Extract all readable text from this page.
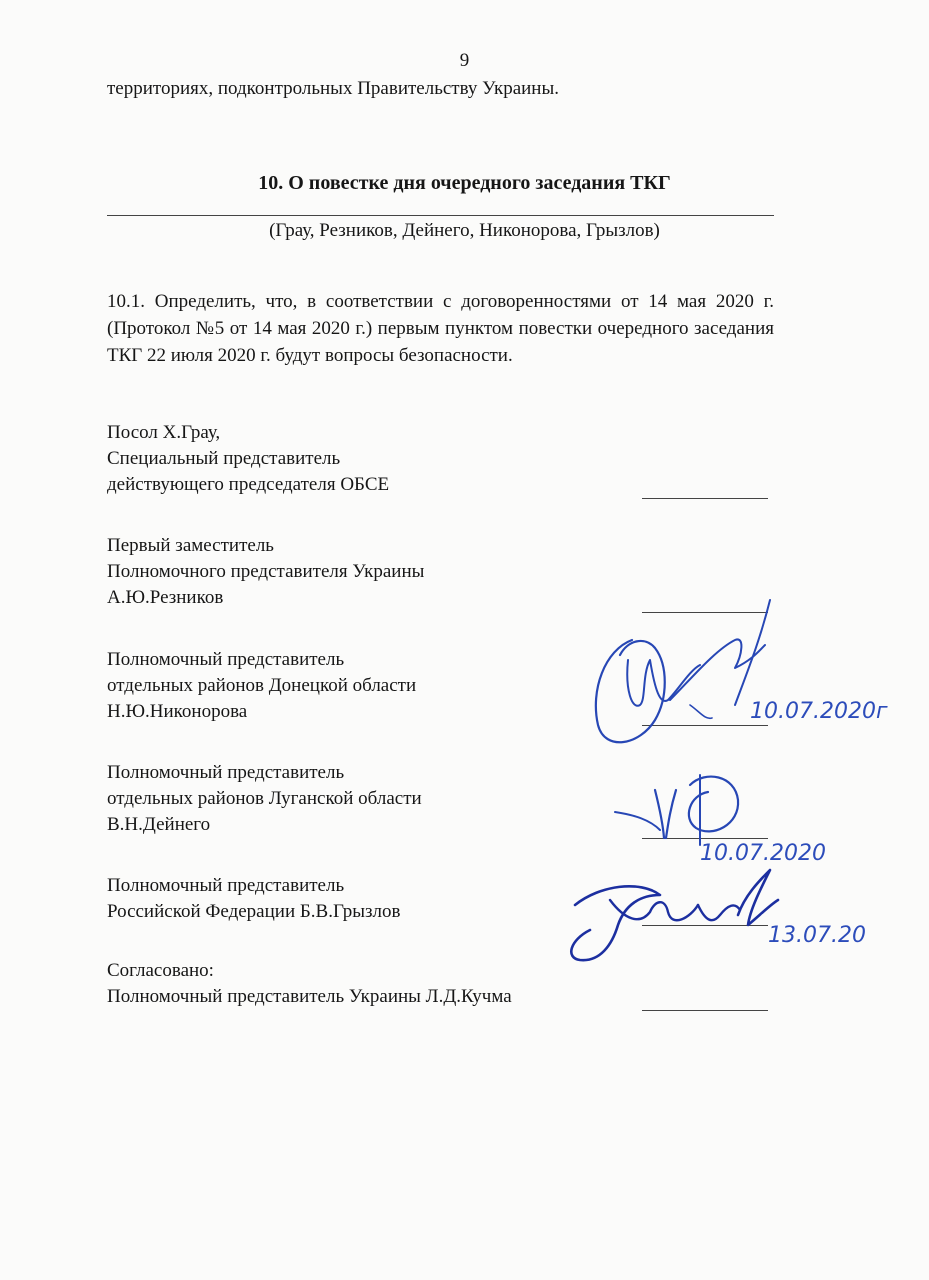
9
территориях, подконтрольных Правительству Украины.
10. О повестке дня очередного заседания ТКГ
(Грау, Резников, Дейнего, Никонорова, Грызлов)
10.1. Определить, что, в соответствии с договоренностями от 14 мая 2020 г. (Протокол №5 от 14 мая 2020 г.) первым пунктом повестки очередного заседания ТКГ 22 июля 2020 г. будут вопросы безопасности.
Посол Х.Грау,
Специальный представитель
действующего председателя ОБСЕ
Первый заместитель
Полномочного представителя Украины
А.Ю.Резников
Полномочный представитель
отдельных районов Донецкой области
Н.Ю.Никонорова
Полномочный представитель
отдельных районов Луганской области
В.Н.Дейнего
Полномочный представитель
Российской Федерации Б.В.Грызлов
Согласовано:
Полномочный представитель Украины Л.Д.Кучма
10.07.2020г
10.07.2020
13.07.20
